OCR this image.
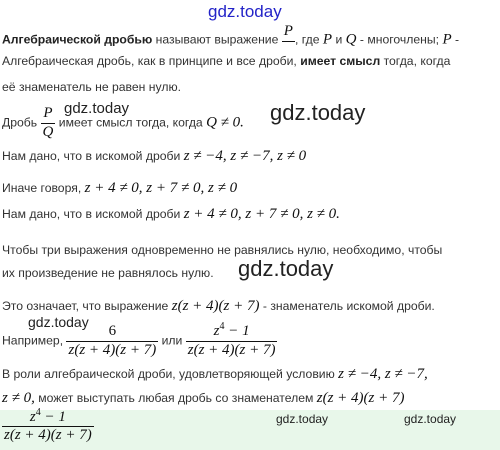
gdz.today
gdz.today	gdz.today
gdz.today
gdz.today
gdz.today	gdz.today
Алгебраической дробью называют выражение
P
, где P и Q - многочлены; P -
Алгебраическая дробь, как в принципе и все дроби, имеет смысл тогда, когда
её знаменатель не равен нулю.
Дробь $\frac{P}{Q}$ имеет смысл тогда, когда Q ≠ 0.
Нам дано, что в искомой дроби z ≠ −4, z ≠ −7, z ≠ 0
Иначе говоря, z + 4 ≠ 0, z + 7 ≠ 0, z ≠ 0
Нам дано, что в искомой дроби z + 4 ≠ 0, z + 7 ≠ 0, z ≠ 0.
Чтобы три выражения одновременно не равнялись нулю, необходимо, чтобы
их произведение не равнялось нулю.
Это означает, что выражение z(z + 4)(z + 7) - знаменатель искомой дроби.
Например, $\frac{6}{z(z + 4)(z + 7)}$ или $\frac{z^4 - 1}{z(z + 4)(z + 7)}$
В роли алгебраической дроби, удовлетворяющей условию z ≠ −4, z ≠ −7,
z ≠ 0, может выступать любая дробь со знаменателем z(z + 4)(z + 7)
$\frac{z^4 - 1}{z(z + 4)(z + 7)}$
